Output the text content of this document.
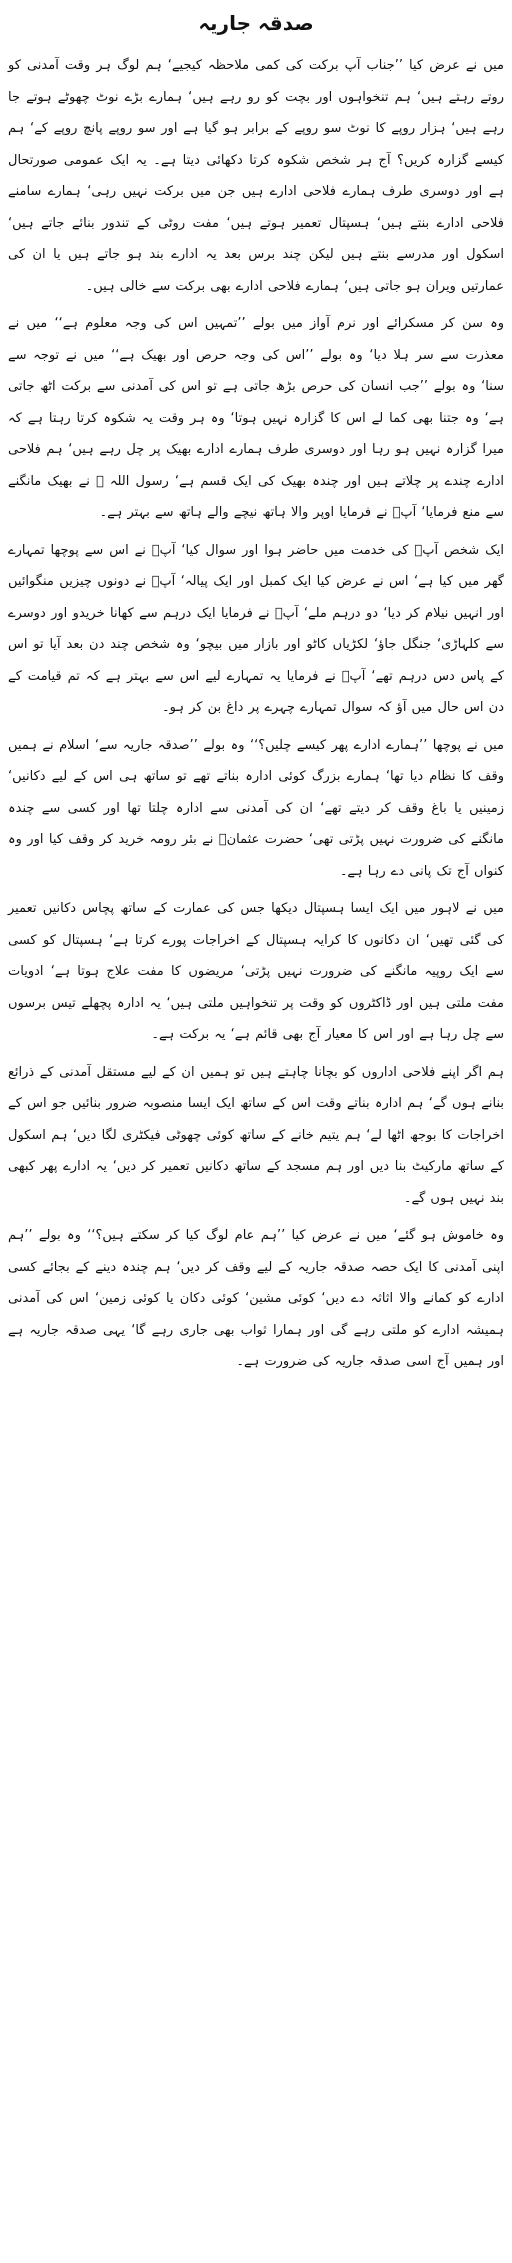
صدقہ جاریہ

میں نے عرض کیا ’’جناب آپ برکت کی کمی ملاحظہ کیجیے‘ ہم لوگ ہر وقت آمدنی کو روتے رہتے ہیں‘ ہم تنخواہوں اور بچت کو رو رہے ہیں‘ ہمارے بڑے نوٹ چھوٹے ہوتے جا رہے ہیں‘ ہزار روپے کا نوٹ سو روپے کے برابر ہو گیا ہے اور سو روپے پانچ روپے کے‘ ہم کیسے گزارہ کریں؟ آج ہر شخص شکوہ کرتا دکھائی دیتا ہے۔ یہ ایک عمومی صورتحال ہے اور دوسری طرف ہمارے فلاحی ادارے ہیں جن میں برکت نہیں رہی‘ ہمارے سامنے فلاحی ادارے بنتے ہیں‘ ہسپتال تعمیر ہوتے ہیں‘ مفت روٹی کے تندور بنائے جاتے ہیں‘ اسکول اور مدرسے بنتے ہیں لیکن چند برس بعد یہ ادارے بند ہو جاتے ہیں یا ان کی عمارتیں ویران ہو جاتی ہیں‘ ہمارے فلاحی ادارے بھی برکت سے خالی ہیں۔

وہ سن کر مسکرائے اور نرم آواز میں بولے ’’تمہیں اس کی وجہ معلوم ہے‘‘ میں نے معذرت سے سر ہلا دیا‘ وہ بولے ’’اس کی وجہ حرص اور بھیک ہے‘‘ میں نے توجہ سے سنا‘ وہ بولے ’’جب انسان کی حرص بڑھ جاتی ہے تو اس کی آمدنی سے برکت اٹھ جاتی ہے‘ وہ جتنا بھی کما لے اس کا گزارہ نہیں ہوتا‘ وہ ہر وقت یہ شکوہ کرتا رہتا ہے کہ میرا گزارہ نہیں ہو رہا اور دوسری طرف ہمارے ادارے بھیک پر چل رہے ہیں‘ ہم فلاحی ادارے چندے پر چلاتے ہیں اور چندہ بھیک کی ایک قسم ہے‘ رسول اللہ ﷺ نے بھیک مانگنے سے منع فرمایا‘ آپؐ نے فرمایا اوپر والا ہاتھ نیچے والے ہاتھ سے بہتر ہے۔

ایک شخص آپؐ کی خدمت میں حاضر ہوا اور سوال کیا‘ آپؐ نے اس سے پوچھا تمہارے گھر میں کیا ہے‘ اس نے عرض کیا ایک کمبل اور ایک پیالہ‘ آپؐ نے دونوں چیزیں منگوائیں اور انہیں نیلام کر دیا‘ دو درہم ملے‘ آپؐ نے فرمایا ایک درہم سے کھانا خریدو اور دوسرے سے کلہاڑی‘ جنگل جاؤ‘ لکڑیاں کاٹو اور بازار میں بیچو‘ وہ شخص چند دن بعد آیا تو اس کے پاس دس درہم تھے‘ آپؐ نے فرمایا یہ تمہارے لیے اس سے بہتر ہے کہ تم قیامت کے دن اس حال میں آؤ کہ سوال تمہارے چہرے پر داغ بن کر ہو۔

میں نے پوچھا ’’ہمارے ادارے پھر کیسے چلیں؟‘‘ وہ بولے ’’صدقہ جاریہ سے‘ اسلام نے ہمیں وقف کا نظام دیا تھا‘ ہمارے بزرگ کوئی ادارہ بناتے تھے تو ساتھ ہی اس کے لیے دکانیں‘ زمینیں یا باغ وقف کر دیتے تھے‘ ان کی آمدنی سے ادارہ چلتا تھا اور کسی سے چندہ مانگنے کی ضرورت نہیں پڑتی تھی‘ حضرت عثمانؓ نے بئر رومہ خرید کر وقف کیا اور وہ کنواں آج تک پانی دے رہا ہے۔

میں نے لاہور میں ایک ایسا ہسپتال دیکھا جس کی عمارت کے ساتھ پچاس دکانیں تعمیر کی گئی تھیں‘ ان دکانوں کا کرایہ ہسپتال کے اخراجات پورے کرتا ہے‘ ہسپتال کو کسی سے ایک روپیہ مانگنے کی ضرورت نہیں پڑتی‘ مریضوں کا مفت علاج ہوتا ہے‘ ادویات مفت ملتی ہیں اور ڈاکٹروں کو وقت پر تنخواہیں ملتی ہیں‘ یہ ادارہ پچھلے تیس برسوں سے چل رہا ہے اور اس کا معیار آج بھی قائم ہے‘ یہ برکت ہے۔

ہم اگر اپنے فلاحی اداروں کو بچانا چاہتے ہیں تو ہمیں ان کے لیے مستقل آمدنی کے ذرائع بنانے ہوں گے‘ ہم ادارہ بناتے وقت اس کے ساتھ ایک ایسا منصوبہ ضرور بنائیں جو اس کے اخراجات کا بوجھ اٹھا لے‘ ہم یتیم خانے کے ساتھ کوئی چھوٹی فیکٹری لگا دیں‘ ہم اسکول کے ساتھ مارکیٹ بنا دیں اور ہم مسجد کے ساتھ دکانیں تعمیر کر دیں‘ یہ ادارے پھر کبھی بند نہیں ہوں گے۔

وہ خاموش ہو گئے‘ میں نے عرض کیا ’’ہم عام لوگ کیا کر سکتے ہیں؟‘‘ وہ بولے ’’ہم اپنی آمدنی کا ایک حصہ صدقہ جاریہ کے لیے وقف کر دیں‘ ہم چندہ دینے کے بجائے کسی ادارے کو کمانے والا اثاثہ دے دیں‘ کوئی مشین‘ کوئی دکان یا کوئی زمین‘ اس کی آمدنی ہمیشہ ادارے کو ملتی رہے گی اور ہمارا ثواب بھی جاری رہے گا‘ یہی صدقہ جاریہ ہے اور ہمیں آج اسی صدقہ جاریہ کی ضرورت ہے۔
